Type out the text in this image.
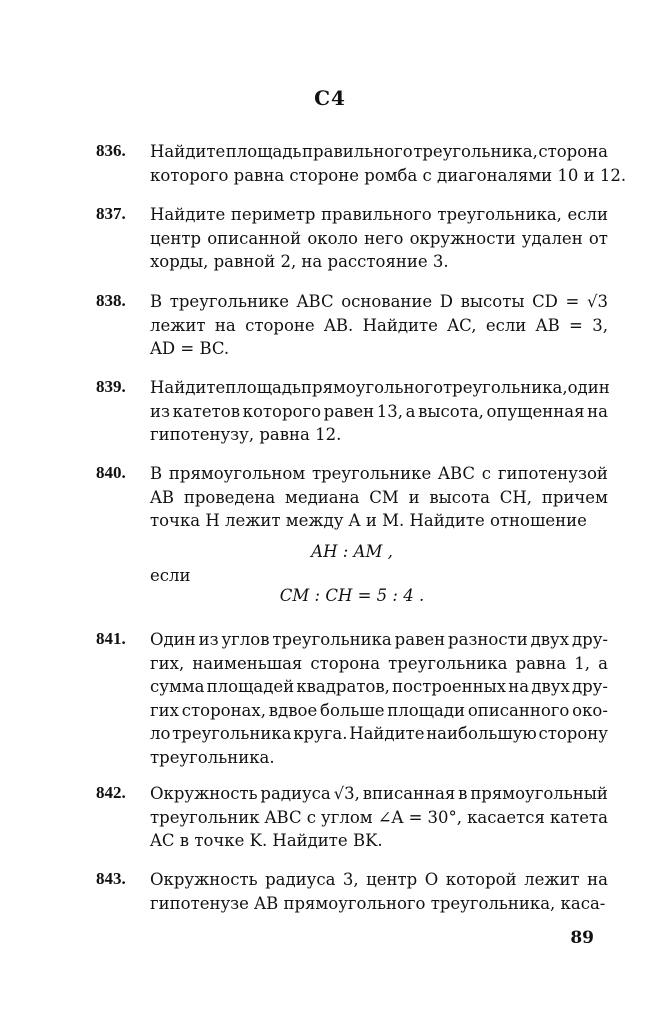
С4
836. Найдите площадь правильного треугольника, сторона
которого равна стороне ромба с диагоналями 10 и 12.
837. Найдите периметр правильного треугольника, если
центр описанной около него окружности удален от
хорды, равной 2, на расстояние 3.
838. В треугольнике ABC основание D высоты CD = √3
лежит на стороне AB. Найдите AC, если AB = 3,
AD = BC.
839. Найдите площадь прямоугольного треугольника, один
из катетов которого равен 13, а высота, опущенная на
гипотенузу, равна 12.
840. В прямоугольном треугольнике ABC с гипотенузой
AB проведена медиана CM и высота CH, причем
точка H лежит между A и M. Найдите отношение
AH : AM ,
если
CM : CH = 5 : 4 .
841. Один из углов треугольника равен разности двух дру-
гих, наименьшая сторона треугольника равна 1, а
сумма площадей квадратов, построенных на двух дру-
гих сторонах, вдвое больше площади описанного око-
ло треугольника круга. Найдите наибольшую сторону
треугольника.
842. Окружность радиуса √3, вписанная в прямоугольный
треугольник ABC с углом ∠A = 30°, касается катета
AC в точке K. Найдите BK.
843. Окружность радиуса 3, центр O которой лежит на
гипотенузе AB прямоугольного треугольника, каса-
89
